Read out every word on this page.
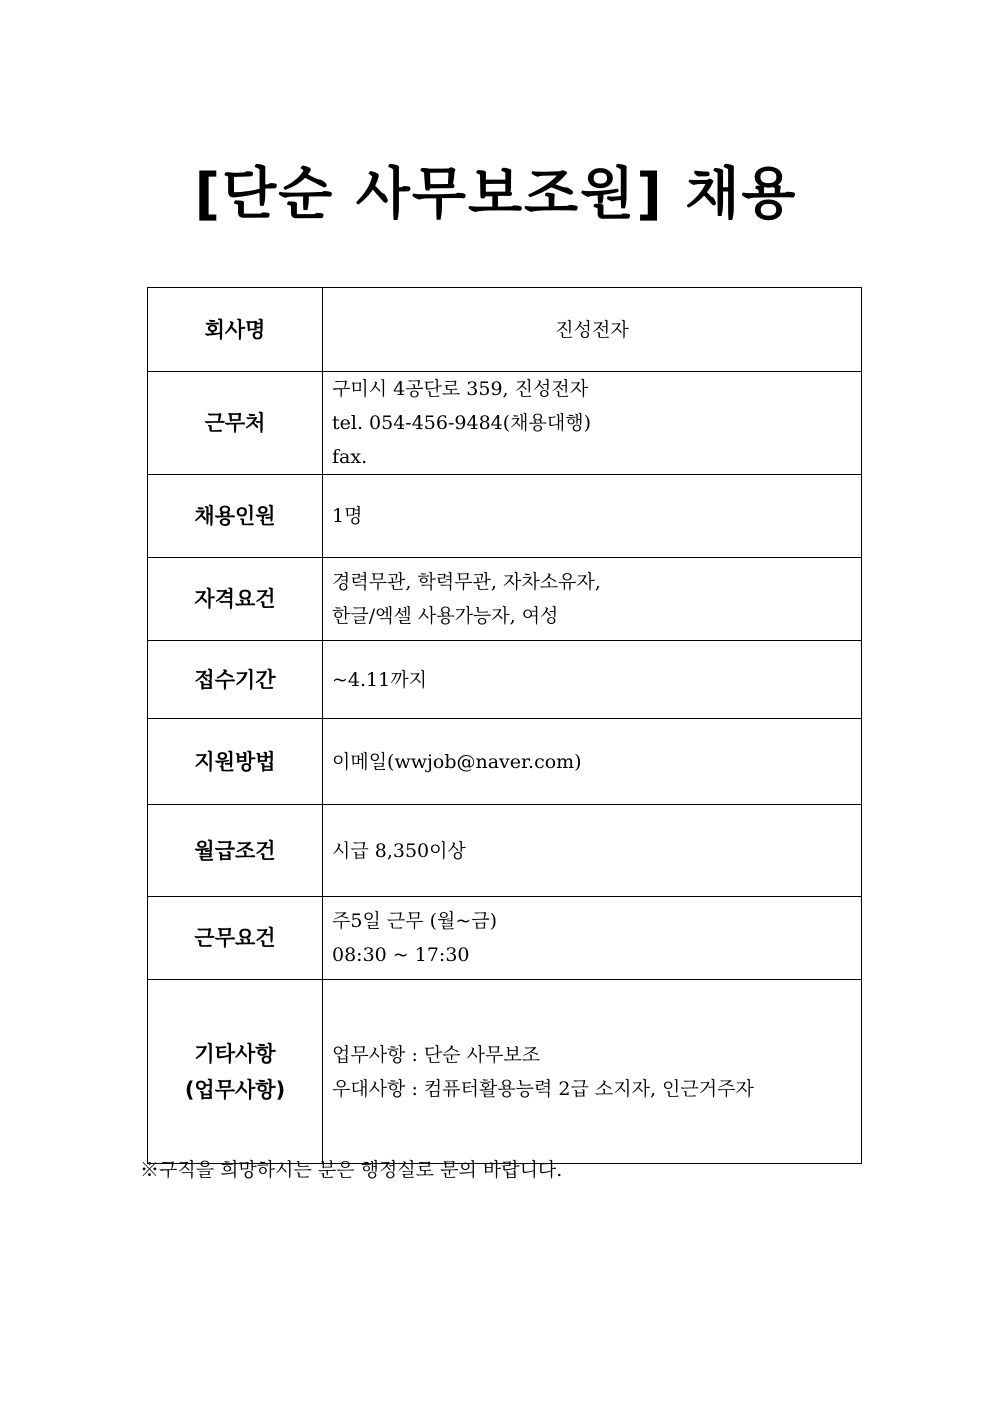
[단순 사무보조원] 채용
회사명	진성전자

근무처	구미시 4공단로 359, 진성전자
tel. 054-456-9484(채용대행)
fax.

채용인원	1명

자격요건	경력무관, 학력무관, 자차소유자,
한글/엑셀 사용가능자, 여성

접수기간	~4.11까지

지원방법	이메일(wwjob@naver.com)

월급조건	시급 8,350이상

근무요건	주5일 근무 (월~금)
08:30 ~ 17:30

기타사항
(업무사항)	업무사항 : 단순 사무보조
우대사항 : 컴퓨터활용능력 2급 소지자, 인근거주자

※구직을 희망하시는 분은 행정실로 문의 바랍니다.
